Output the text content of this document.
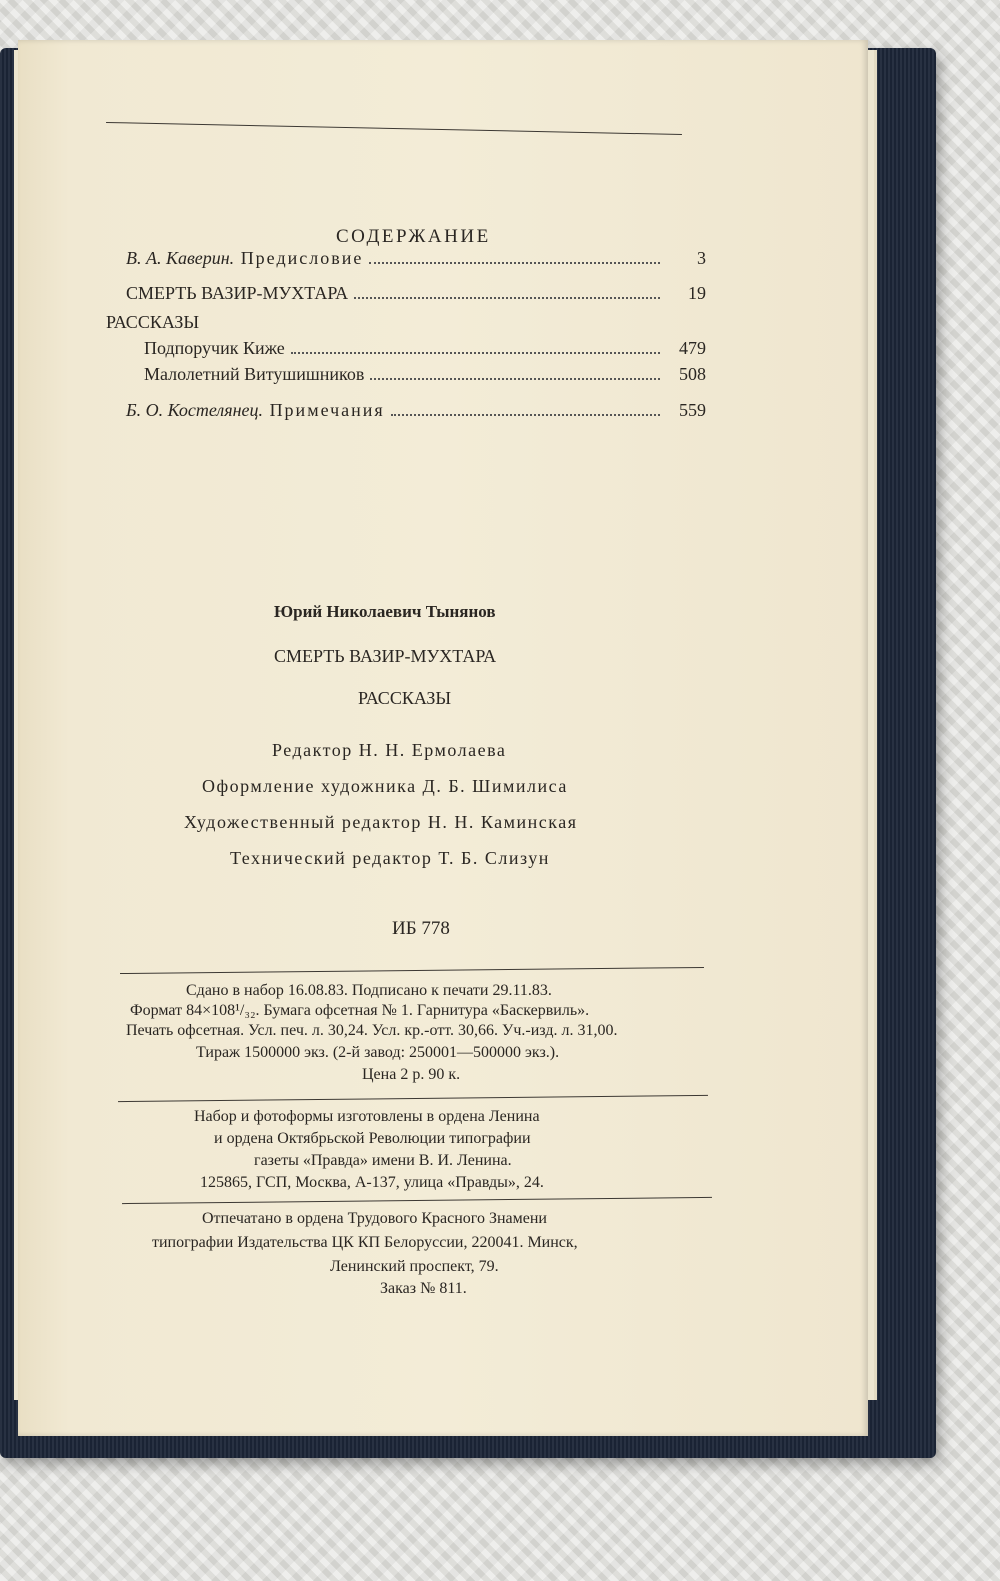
СОДЕРЖАНИЕ
В. А. Каверин. Предисловие	3
СМЕРТЬ ВАЗИР-МУХТАРА	19
РАССКАЗЫ
Подпоручик Киже	479
Малолетний Витушишников	508
Б. О. Костелянец. Примечания	559
Юрий Николаевич Тынянов
СМЕРТЬ ВАЗИР-МУХТАРА
РАССКАЗЫ
Редактор Н. Н. Ермолаева
Оформление художника Д. Б. Шимилиса
Художественный редактор Н. Н. Каминская
Технический редактор Т. Б. Слизун
ИБ 778
Сдано в набор 16.08.83. Подписано к печати 29.11.83.
Формат 84×108¹/₃₂. Бумага офсетная № 1. Гарнитура «Баскервиль».
Печать офсетная. Усл. печ. л. 30,24. Усл. кр.-отт. 30,66. Уч.-изд. л. 31,00.
Тираж 1500000 экз. (2-й завод: 250001—500000 экз.).
Цена 2 р. 90 к.
Набор и фотоформы изготовлены в ордена Ленина
и ордена Октябрьской Революции типографии
газеты «Правда» имени В. И. Ленина.
125865, ГСП, Москва, А-137, улица «Правды», 24.
Отпечатано в ордена Трудового Красного Знамени
типографии Издательства ЦК КП Белоруссии, 220041. Минск,
Ленинский проспект, 79.
Заказ № 811.
